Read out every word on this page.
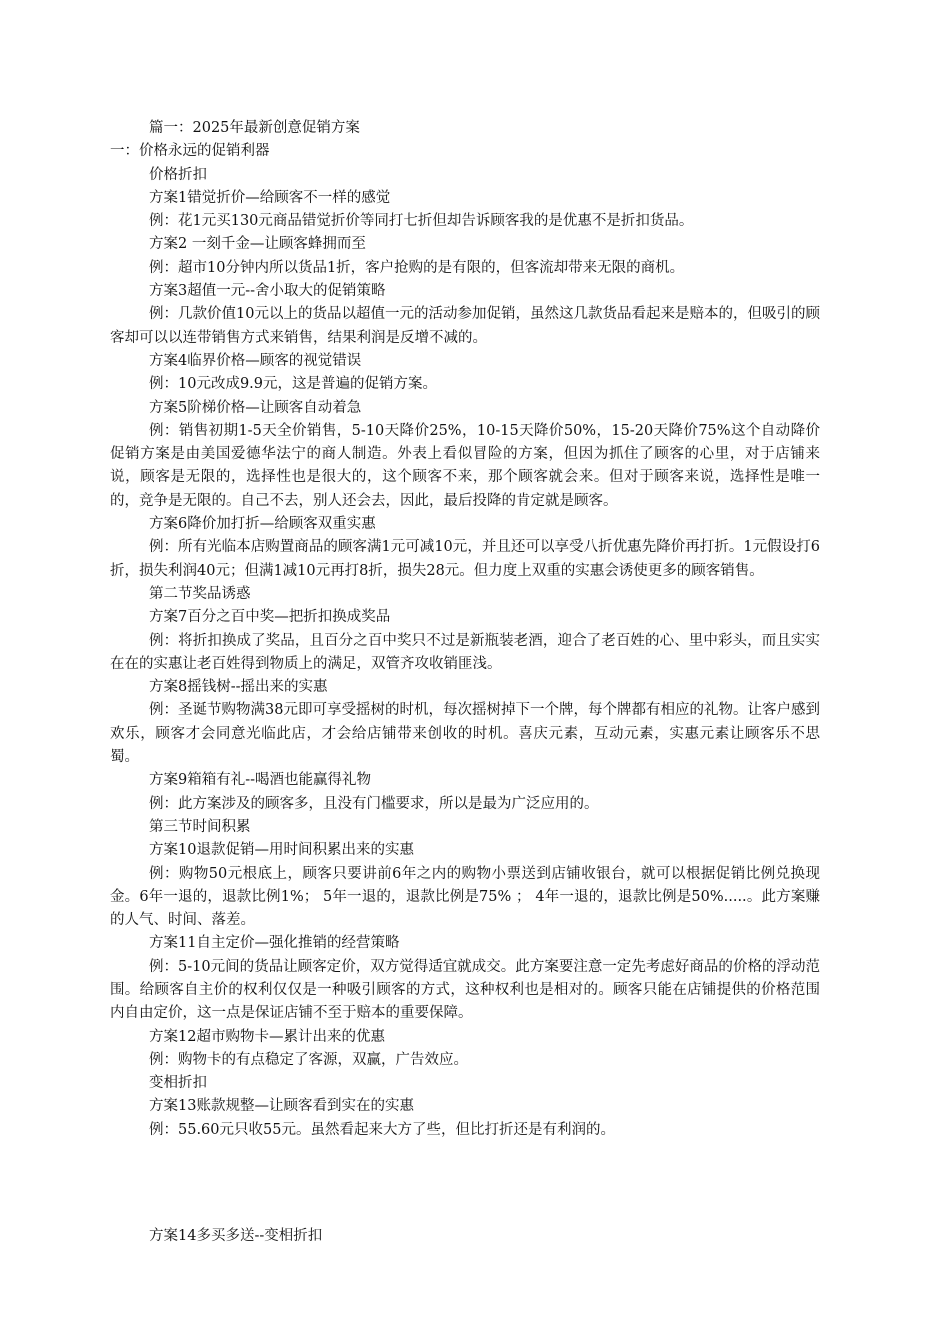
篇一：2025年最新创意促销方案
一：价格永远的促销利器
价格折扣
方案1错觉折价—给顾客不一样的感觉
例：花1元买130元商品错觉折价等同打七折但却告诉顾客我的是优惠不是折扣货品。
方案2 一刻千金—让顾客蜂拥而至
例：超市10分钟内所以货品1折，客户抢购的是有限的，但客流却带来无限的商机。
方案3超值一元--舍小取大的促销策略
例：几款价值10元以上的货品以超值一元的活动参加促销，虽然这几款货品看起来是赔本的，但吸引的顾客却可以以连带销售方式来销售，结果利润是反增不减的。
方案4临界价格—顾客的视觉错误
例：10元改成9.9元，这是普遍的促销方案。
方案5阶梯价格—让顾客自动着急
例：销售初期1-5天全价销售，5-10天降价25%，10-15天降价50%，15-20天降价75%这个自动降价促销方案是由美国爱德华法宁的商人制造。外表上看似冒险的方案，但因为抓住了顾客的心里，对于店铺来说，顾客是无限的，选择性也是很大的，这个顾客不来，那个顾客就会来。但对于顾客来说，选择性是唯一的，竞争是无限的。自己不去，别人还会去，因此，最后投降的肯定就是顾客。
方案6降价加打折—给顾客双重实惠
例：所有光临本店购置商品的顾客满1元可减10元，并且还可以享受八折优惠先降价再打折。1元假设打6折，损失利润40元；但满1减10元再打8折，损失28元。但力度上双重的实惠会诱使更多的顾客销售。
第二节奖品诱惑
方案7百分之百中奖—把折扣换成奖品
例：将折扣换成了奖品，且百分之百中奖只不过是新瓶装老酒，迎合了老百姓的心、里中彩头，而且实实在在的实惠让老百姓得到物质上的满足，双管齐攻收销匪浅。
方案8摇钱树--摇出来的实惠
例：圣诞节购物满38元即可享受摇树的时机，每次摇树掉下一个牌，每个牌都有相应的礼物。让客户感到欢乐，顾客才会同意光临此店，才会给店铺带来创收的时机。喜庆元素，互动元素，实惠元素让顾客乐不思蜀。
方案9箱箱有礼--喝酒也能赢得礼物
例：此方案涉及的顾客多，且没有门槛要求，所以是最为广泛应用的。
第三节时间积累
方案10退款促销—用时间积累出来的实惠
例：购物50元根底上，顾客只要讲前6年之内的购物小票送到店铺收银台，就可以根据促销比例兑换现金。6年一退的，退款比例1%； 5年一退的，退款比例是75% ； 4年一退的，退款比例是50%.....。此方案赚的人气、时间、落差。
方案11自主定价—强化推销的经营策略
例：5-10元间的货品让顾客定价，双方觉得适宜就成交。此方案要注意一定先考虑好商品的价格的浮动范围。给顾客自主价的权利仅仅是一种吸引顾客的方式，这种权利也是相对的。顾客只能在店铺提供的价格范围内自由定价，这一点是保证店铺不至于赔本的重要保障。
方案12超市购物卡—累计出来的优惠
例：购物卡的有点稳定了客源，双赢，广告效应。
变相折扣
方案13账款规整—让顾客看到实在的实惠
例：55.60元只收55元。虽然看起来大方了些，但比打折还是有利润的。
方案14多买多送--变相折扣
